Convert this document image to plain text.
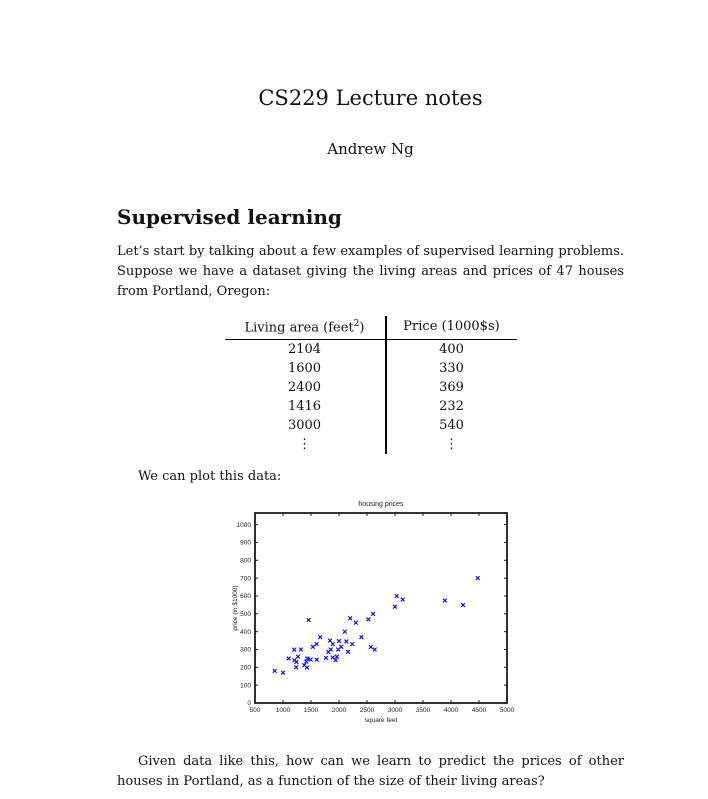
CS229 Lecture notes
Andrew Ng
Supervised learning

Let’s start by talking about a few examples of supervised learning problems. Suppose we have a dataset giving the living areas and prices of 47 houses from Portland, Oregon:

Living area (feet$^2$)	Price (1000$s)
2104	400
1600	330
2400	369
1416	232
3000	540
⋮	⋮

We can plot this data:

500 1000 1500 2000 2500 3000 3500 4000 4500 5000
0
100
200
300
400
500
600
700
800
900
1000
housing prices
square feet
price (in $1000)

Given data like this, how can we learn to predict the prices of other houses in Portland, as a function of the size of their living areas?
